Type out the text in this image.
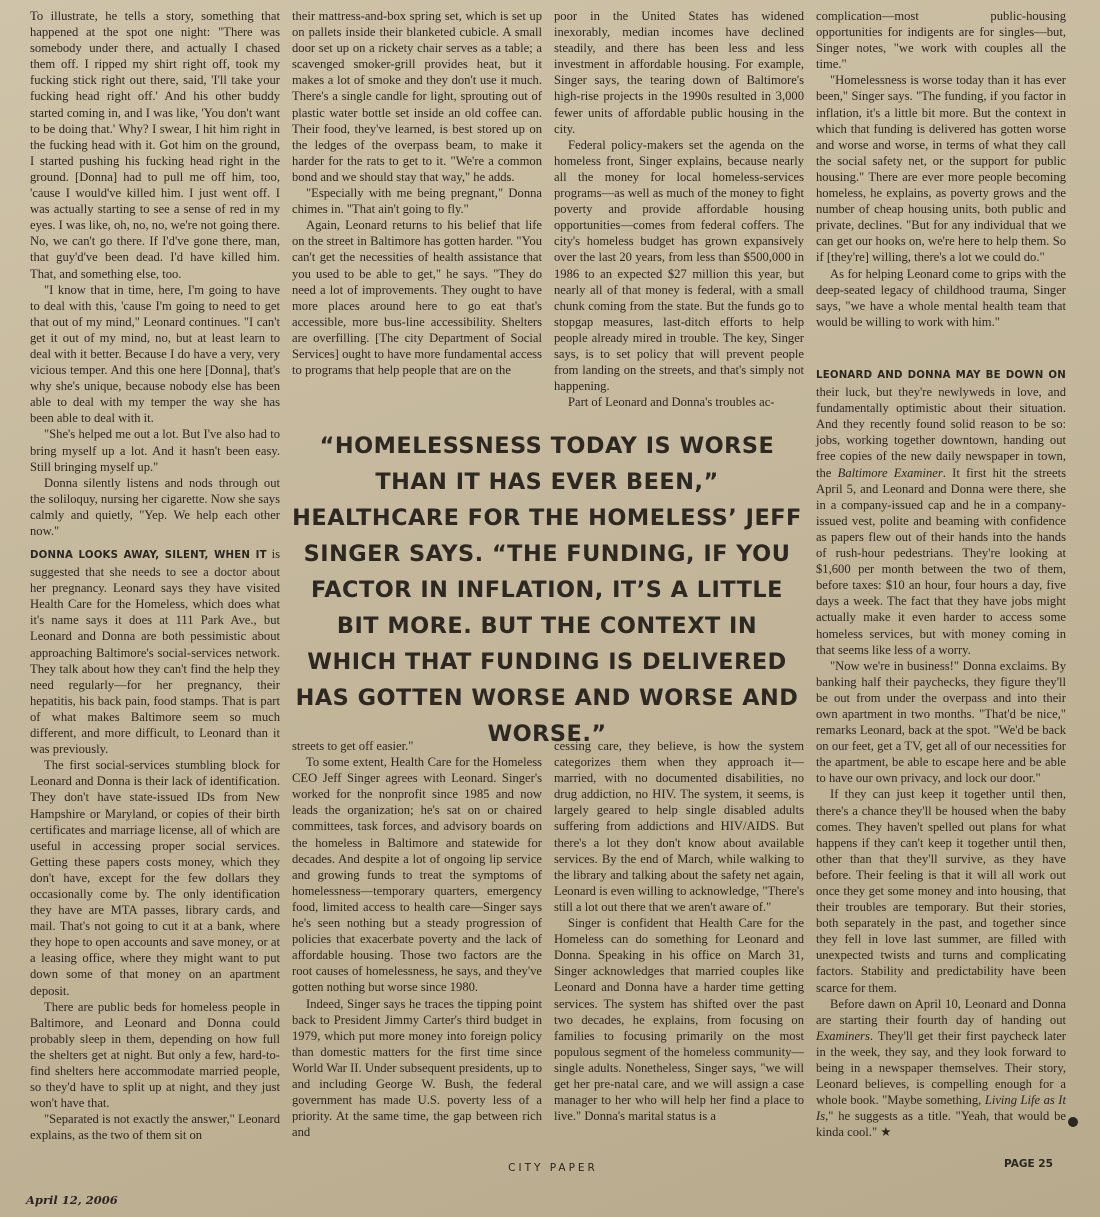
To illustrate, he tells a story, something that happened at the spot one night: "There was somebody under there, and actually I chased them off. I ripped my shirt right off, took my fucking stick right out there, said, 'I'll take your fucking head right off.' And his other buddy started coming in, and I was like, 'You don't want to be doing that.' Why? I swear, I hit him right in the fucking head with it. Got him on the ground, I started pushing his fucking head right in the ground. [Donna] had to pull me off him, too, 'cause I would've killed him. I just went off. I was actually starting to see a sense of red in my eyes. I was like, oh, no, no, we're not going there. No, we can't go there. If I'd've gone there, man, that guy'd've been dead. I'd have killed him. That, and something else, too.

"I know that in time, here, I'm going to have to deal with this, 'cause I'm going to need to get that out of my mind," Leonard continues. "I can't get it out of my mind, no, but at least learn to deal with it better. Because I do have a very, very vicious temper. And this one here [Donna], that's why she's unique, because nobody else has been able to deal with my temper the way she has been able to deal with it.

"She's helped me out a lot. But I've also had to bring myself up a lot. And it hasn't been easy. Still bringing myself up."

Donna silently listens and nods through out the soliloquy, nursing her cigarette. Now she says calmly and quietly, "Yep. We help each other now."

DONNA LOOKS AWAY, SILENT, WHEN IT is suggested that she needs to see a doctor about her pregnancy. Leonard says they have visited Health Care for the Homeless, which does what it's name says it does at 111 Park Ave., but Leonard and Donna are both pessimistic about approaching Baltimore's social-services network. They talk about how they can't find the help they need regularly—for her pregnancy, their hepatitis, his back pain, food stamps. That is part of what makes Baltimore seem so much different, and more difficult, to Leonard than it was previously.

The first social-services stumbling block for Leonard and Donna is their lack of identification. They don't have state-issued IDs from New Hampshire or Maryland, or copies of their birth certificates and marriage license, all of which are useful in accessing proper social services. Getting these papers costs money, which they don't have, except for the few dollars they occasionally come by. The only identification they have are MTA passes, library cards, and mail. That's not going to cut it at a bank, where they hope to open accounts and save money, or at a leasing office, where they might want to put down some of that money on an apartment deposit.

There are public beds for homeless people in Baltimore, and Leonard and Donna could probably sleep in them, depending on how full the shelters get at night. But only a few, hard-to-find shelters here accommodate married people, so they'd have to split up at night, and they just won't have that.

"Separated is not exactly the answer," Leonard explains, as the two of them sit on

their mattress-and-box spring set, which is set up on pallets inside their blanketed cubicle. A small door set up on a rickety chair serves as a table; a scavenged smoker-grill provides heat, but it makes a lot of smoke and they don't use it much. There's a single candle for light, sprouting out of plastic water bottle set inside an old coffee can. Their food, they've learned, is best stored up on the ledges of the overpass beam, to make it harder for the rats to get to it. "We're a common bond and we should stay that way," he adds.

"Especially with me being pregnant," Donna chimes in. "That ain't going to fly."

Again, Leonard returns to his belief that life on the street in Baltimore has gotten harder. "You can't get the necessities of health assistance that you used to be able to get," he says. "They do need a lot of improvements. They ought to have more places around here to go eat that's accessible, more bus-line accessibility. Shelters are overfilling. [The city Department of Social Services] ought to have more fundamental access to programs that help people that are on the

poor in the United States has widened inexorably, median incomes have declined steadily, and there has been less and less investment in affordable housing. For example, Singer says, the tearing down of Baltimore's high-rise projects in the 1990s resulted in 3,000 fewer units of affordable public housing in the city.

Federal policy-makers set the agenda on the homeless front, Singer explains, because nearly all the money for local homeless-services programs—as well as much of the money to fight poverty and provide affordable housing opportunities—comes from federal coffers. The city's homeless budget has grown expansively over the last 20 years, from less than $500,000 in 1986 to an expected $27 million this year, but nearly all of that money is federal, with a small chunk coming from the state. But the funds go to stopgap measures, last-ditch efforts to help people already mired in trouble. The key, Singer says, is to set policy that will prevent people from landing on the streets, and that's simply not happening.

Part of Leonard and Donna's troubles ac-

“HOMELESSNESS TODAY IS WORSE THAN IT HAS EVER BEEN,” HEALTHCARE FOR THE HOMELESS’ JEFF SINGER SAYS. “THE FUNDING, IF YOU FACTOR IN INFLATION, IT’S A LITTLE BIT MORE. BUT THE CONTEXT IN WHICH THAT FUNDING IS DELIVERED HAS GOTTEN WORSE AND WORSE AND WORSE.”

streets to get off easier."

To some extent, Health Care for the Homeless CEO Jeff Singer agrees with Leonard. Singer's worked for the nonprofit since 1985 and now leads the organization; he's sat on or chaired committees, task forces, and advisory boards on the homeless in Baltimore and statewide for decades. And despite a lot of ongoing lip service and growing funds to treat the symptoms of homelessness—temporary quarters, emergency food, limited access to health care—Singer says he's seen nothing but a steady progression of policies that exacerbate poverty and the lack of affordable housing. Those two factors are the root causes of homelessness, he says, and they've gotten nothing but worse since 1980.

Indeed, Singer says he traces the tipping point back to President Jimmy Carter's third budget in 1979, which put more money into foreign policy than domestic matters for the first time since World War II. Under subsequent presidents, up to and including George W. Bush, the federal government has made U.S. poverty less of a priority. At the same time, the gap between rich and

cessing care, they believe, is how the system categorizes them when they approach it—married, with no documented disabilities, no drug addiction, no HIV. The system, it seems, is largely geared to help single disabled adults suffering from addictions and HIV/AIDS. But there's a lot they don't know about available services. By the end of March, while walking to the library and talking about the safety net again, Leonard is even willing to acknowledge, "There's still a lot out there that we aren't aware of."

Singer is confident that Health Care for the Homeless can do something for Leonard and Donna. Speaking in his office on March 31, Singer acknowledges that married couples like Leonard and Donna have a harder time getting services. The system has shifted over the past two decades, he explains, from focusing on families to focusing primarily on the most populous segment of the homeless community—single adults. Nonetheless, Singer says, "we will get her pre-natal care, and we will assign a case manager to her who will help her find a place to live." Donna's marital status is a

complication—most public-housing opportunities for indigents are for singles—but, Singer notes, "we work with couples all the time."

"Homelessness is worse today than it has ever been," Singer says. "The funding, if you factor in inflation, it's a little bit more. But the context in which that funding is delivered has gotten worse and worse and worse, in terms of what they call the social safety net, or the support for public housing." There are ever more people becoming homeless, he explains, as poverty grows and the number of cheap housing units, both public and private, declines. "But for any individual that we can get our hooks on, we're here to help them. So if [they're] willing, there's a lot we could do."

As for helping Leonard come to grips with the deep-seated legacy of childhood trauma, Singer says, "we have a whole mental health team that would be willing to work with him."

LEONARD AND DONNA MAY BE DOWN ON their luck, but they're newlyweds in love, and fundamentally optimistic about their situation. And they recently found solid reason to be so: jobs, working together downtown, handing out free copies of the new daily newspaper in town, the Baltimore Examiner. It first hit the streets April 5, and Leonard and Donna were there, she in a company-issued cap and he in a company-issued vest, polite and beaming with confidence as papers flew out of their hands into the hands of rush-hour pedestrians. They're looking at $1,600 per month between the two of them, before taxes: $10 an hour, four hours a day, five days a week. The fact that they have jobs might actually make it even harder to access some homeless services, but with money coming in that seems like less of a worry.

"Now we're in business!" Donna exclaims. By banking half their paychecks, they figure they'll be out from under the overpass and into their own apartment in two months. "That'd be nice," remarks Leonard, back at the spot. "We'd be back on our feet, get a TV, get all of our necessities for the apartment, be able to escape here and be able to have our own privacy, and lock our door."

If they can just keep it together until then, there's a chance they'll be housed when the baby comes. They haven't spelled out plans for what happens if they can't keep it together until then, other than that they'll survive, as they have before. Their feeling is that it will all work out once they get some money and into housing, that their troubles are temporary. But their stories, both separately in the past, and together since they fell in love last summer, are filled with unexpected twists and turns and complicating factors. Stability and predictability have been scarce for them.

Before dawn on April 10, Leonard and Donna are starting their fourth day of handing out Examiners. They'll get their first paycheck later in the week, they say, and they look forward to being in a newspaper themselves. Their story, Leonard believes, is compelling enough for a whole book. "Maybe something, Living Life as It Is," he suggests as a title. "Yeah, that would be kinda cool." ★

CITY PAPER	PAGE 25
April 12, 2006
